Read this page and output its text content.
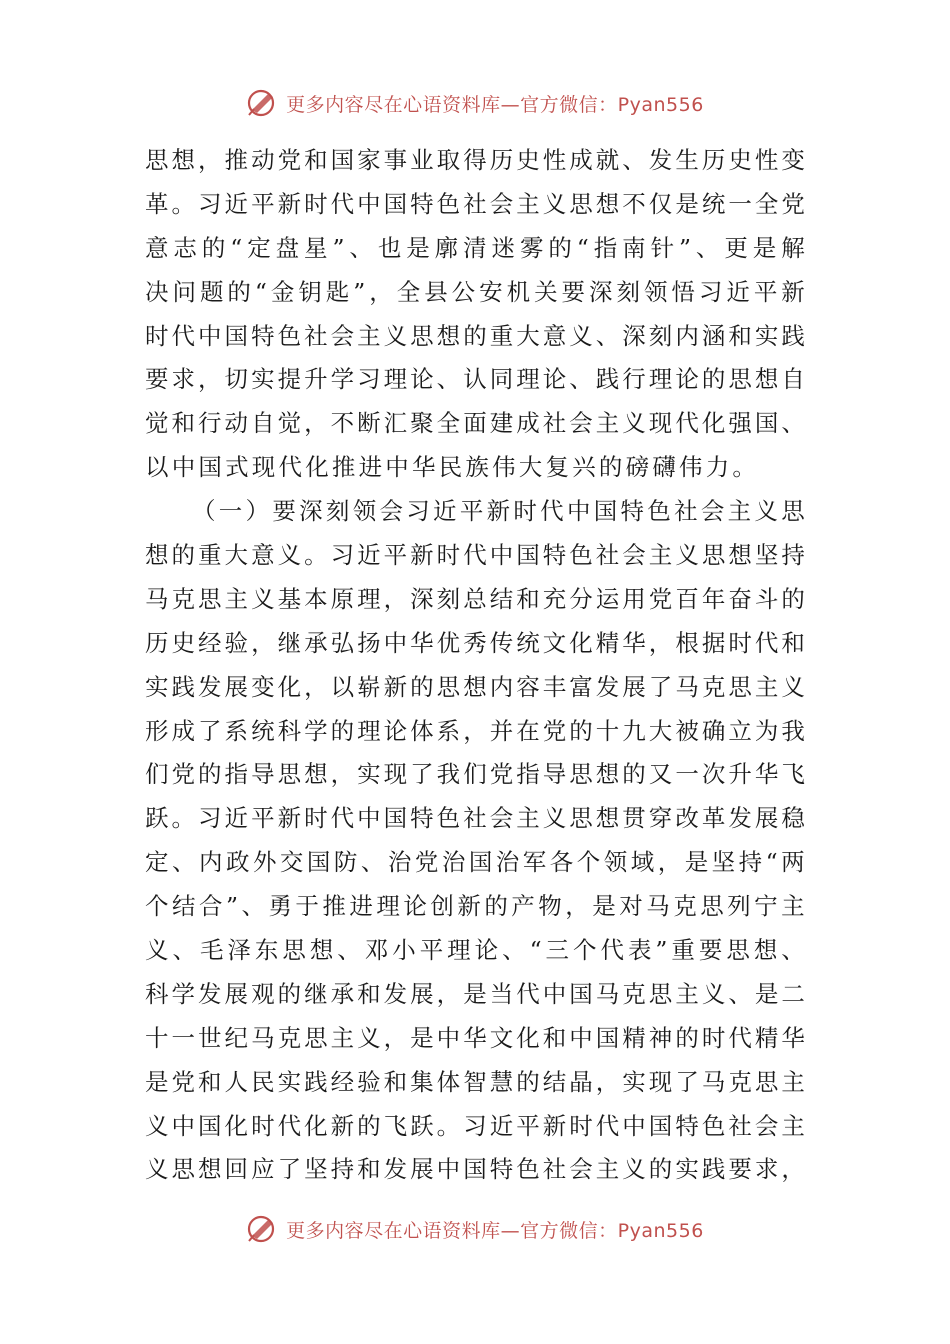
更多内容尽在心语资料库—官方微信：Pyan556
思 想 ， 推 动 党 和 国 家 事 业 取 得 历 史 性 成 就 、 发 生 历 史 性 变
革 。 习 近 平 新 时 代 中 国 特 色 社 会 主 义 思 想 不 仅 是 统 一 全 党
意 志 的 “ 定 盘 星 ” 、 也 是 廓 清 迷 雾 的 “ 指 南 针 ” 、 更 是 解
决 问 题 的 “ 金 钥 匙 ” ， 全 县 公 安 机 关 要 深 刻 领 悟 习 近 平 新
时 代 中 国 特 色 社 会 主 义 思 想 的 重 大 意 义 、 深 刻 内 涵 和 实 践
要 求 ， 切 实 提 升 学 习 理 论 、 认 同 理 论 、 践 行 理 论 的 思 想 自
觉 和 行 动 自 觉 ， 不 断 汇 聚 全 面 建 成 社 会 主 义 现 代 化 强 国 、
以中国式现代化推进中华民族伟大复兴的磅礴伟力。
（ 一 ） 要 深 刻 领 会 习 近 平 新 时 代 中 国 特 色 社 会 主 义 思
想 的 重 大 意 义 。 习 近 平 新 时 代 中 国 特 色 社 会 主 义 思 想 坚 持
马 克 思 主 义 基 本 原 理 ， 深 刻 总 结 和 充 分 运 用 党 百 年 奋 斗 的
历 史 经 验 ， 继 承 弘 扬 中 华 优 秀 传 统 文 化 精 华 ， 根 据 时 代 和
实 践 发 展 变 化 ， 以 崭 新 的 思 想 内 容 丰 富 发 展 了 马 克 思 主 义
形 成 了 系 统 科 学 的 理 论 体 系 ， 并 在 党 的 十 九 大 被 确 立 为 我
们 党 的 指 导 思 想 ， 实 现 了 我 们 党 指 导 思 想 的 又 一 次 升 华 飞
跃 。 习 近 平 新 时 代 中 国 特 色 社 会 主 义 思 想 贯 穿 改 革 发 展 稳
定 、 内 政 外 交 国 防 、 治 党 治 国 治 军 各 个 领 域 ， 是 坚 持 “ 两
个 结 合 ” 、 勇 于 推 进 理 论 创 新 的 产 物 ， 是 对 马 克 思 列 宁 主
义 、 毛 泽 东 思 想 、 邓 小 平 理 论 、 “ 三 个 代 表 ” 重 要 思 想 、
科 学 发 展 观 的 继 承 和 发 展 ， 是 当 代 中 国 马 克 思 主 义 、 是 二
十 一 世 纪 马 克 思 主 义 ， 是 中 华 文 化 和 中 国 精 神 的 时 代 精 华
是 党 和 人 民 实 践 经 验 和 集 体 智 慧 的 结 晶 ， 实 现 了 马 克 思 主
义 中 国 化 时 代 化 新 的 飞 跃 。 习 近 平 新 时 代 中 国 特 色 社 会 主
义 思 想 回 应 了 坚 持 和 发 展 中 国 特 色 社 会 主 义 的 实 践 要 求 ，
更多内容尽在心语资料库—官方微信：Pyan556
